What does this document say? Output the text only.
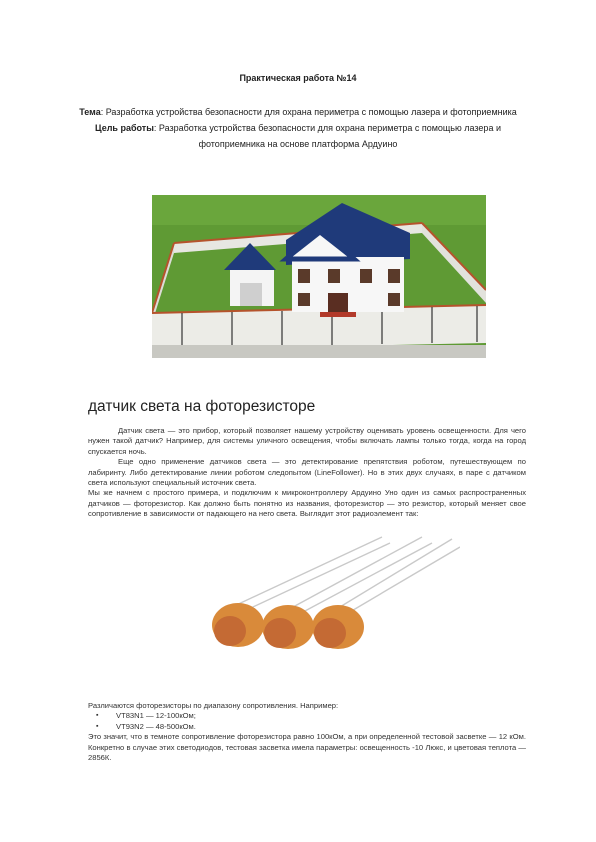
Практическая работа №14
Тема: Разработка устройства безопасности для охрана периметра с помощью лазера и фотоприемника
Цель работы: Разработка устройства безопасности для охрана периметра с помощью лазера и фотоприемника на основе платформа Ардуино
датчик света на фоторезисторе

Датчик света — это прибор, который позволяет нашему устройству оценивать уровень освещенности. Для чего нужен такой датчик? Например, для системы уличного освещения, чтобы включать лампы только тогда, когда на город спускается ночь.

Еще одно применение датчиков света — это детектирование препятствия роботом, путешествующем по лабиринту. Либо детектирование линии роботом следопытом (LineFollower). Но в этих двух случаях, в паре с датчиком света используют специальный источник света.

Мы же начнем с простого примера, и подключим к микроконтроллеру Ардуино Уно один из самых распространенных датчиков — фоторезистор. Как должно быть понятно из названия, фоторезистор — это резистор, который меняет свое сопротивление в зависимости от падающего на него света. Выглядит этот радиоэлемент так:

Различаются фоторезисторы по диапазону сопротивления. Например:

▪ VT83N1 — 12-100кОм;
▪ VT93N2 — 48-500кОм.

Это значит, что в темноте сопротивление фоторезистора равно 100кОм, а при определенной тестовой засветке — 12 кОм. Конкретно в случае этих светодиодов, тестовая засветка имела параметры: освещенность -10 Люкс, и цветовая теплота — 2856К.
